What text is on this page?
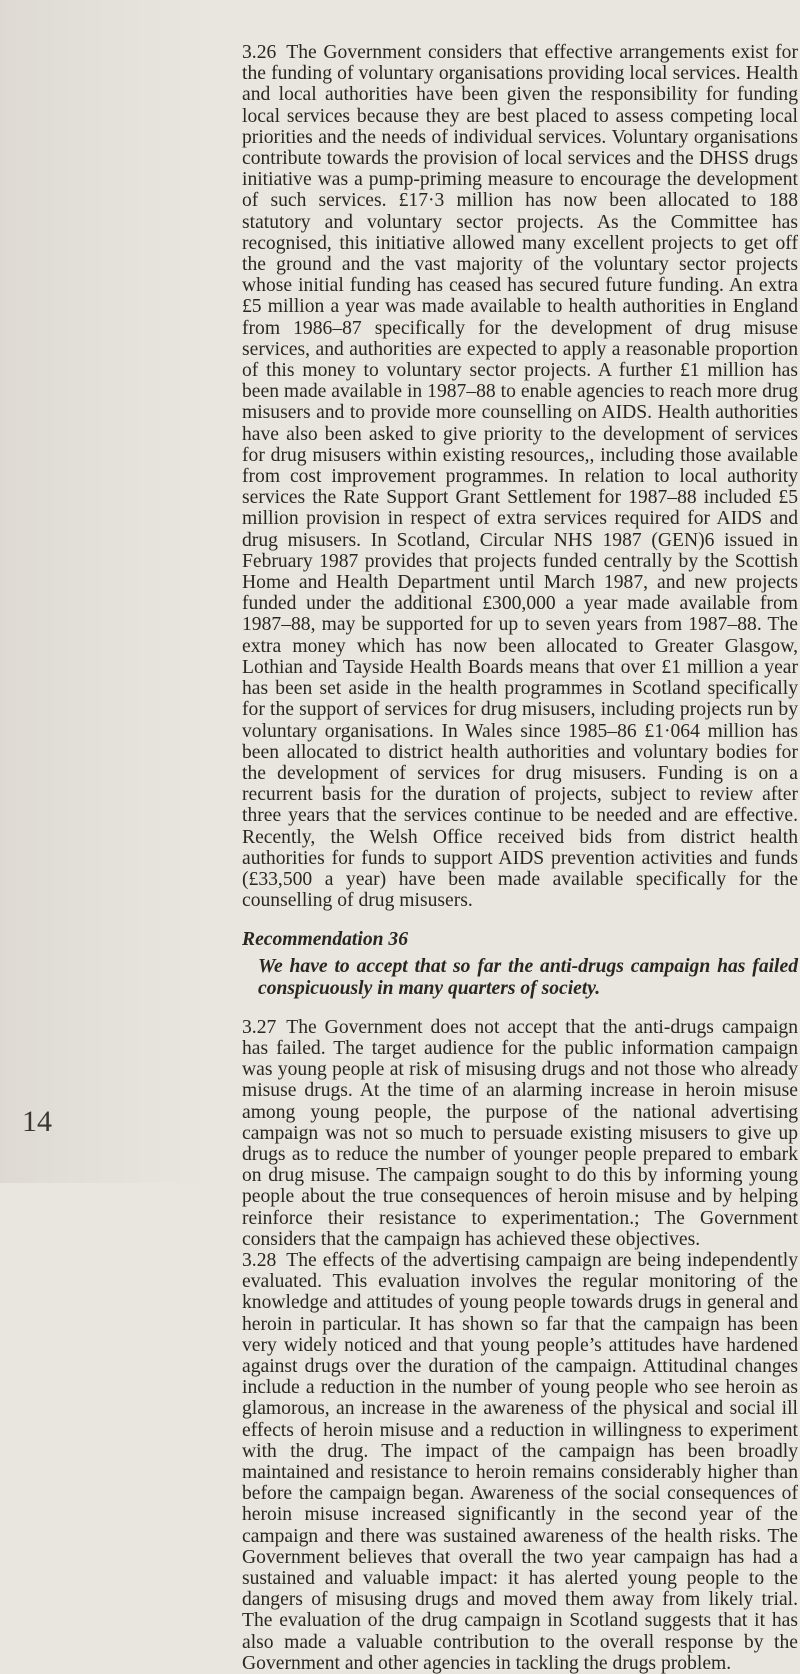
14

3.26 The Government considers that effective arrangements exist for the funding of voluntary organisations providing local services. Health and local authorities have been given the responsibility for funding local services because they are best placed to assess competing local priorities and the needs of individual services. Voluntary organisations contribute towards the provision of local services and the DHSS drugs initiative was a pump-priming measure to encourage the development of such services. £17·3 million has now been allocated to 188 statutory and voluntary sector projects. As the Committee has recognised, this initiative allowed many excellent projects to get off the ground and the vast majority of the voluntary sector projects whose initial funding has ceased has secured future funding. An extra £5 million a year was made available to health authorities in England from 1986–87 specifically for the development of drug misuse services, and authorities are expected to apply a reasonable proportion of this money to voluntary sector projects. A further £1 million has been made available in 1987–88 to enable agencies to reach more drug misusers and to provide more counselling on AIDS. Health authorities have also been asked to give priority to the development of services for drug misusers within existing resources,, including those available from cost improvement programmes. In relation to local authority services the Rate Support Grant Settlement for 1987–88 included £5 million provision in respect of extra services required for AIDS and drug misusers. In Scotland, Circular NHS 1987 (GEN)6 issued in February 1987 provides that projects funded centrally by the Scottish Home and Health Department until March 1987, and new projects funded under the additional £300,000 a year made available from 1987–88, may be supported for up to seven years from 1987–88. The extra money which has now been allocated to Greater Glasgow, Lothian and Tayside Health Boards means that over £1 million a year has been set aside in the health programmes in Scotland specifically for the support of services for drug misusers, including projects run by voluntary organisations. In Wales since 1985–86 £1·064 million has been allocated to district health authorities and voluntary bodies for the development of services for drug misusers. Funding is on a recurrent basis for the duration of projects, subject to review after three years that the services continue to be needed and are effective. Recently, the Welsh Office received bids from district health authorities for funds to support AIDS prevention activities and funds (£33,500 a year) have been made available specifically for the counselling of drug misusers.

Recommendation 36
We have to accept that so far the anti-drugs campaign has failed conspicuously in many quarters of society.

3.27 The Government does not accept that the anti-drugs campaign has failed. The target audience for the public information campaign was young people at risk of misusing drugs and not those who already misuse drugs. At the time of an alarming increase in heroin misuse among young people, the purpose of the national advertising campaign was not so much to persuade existing misusers to give up drugs as to reduce the number of younger people prepared to embark on drug misuse. The campaign sought to do this by informing young people about the true consequences of heroin misuse and by helping reinforce their resistance to experimentation.; The Government considers that the campaign has achieved these objectives.

3.28 The effects of the advertising campaign are being independently evaluated. This evaluation involves the regular monitoring of the knowledge and attitudes of young people towards drugs in general and heroin in particular. It has shown so far that the campaign has been very widely noticed and that young people’s attitudes have hardened against drugs over the duration of the campaign. Attitudinal changes include a reduction in the number of young people who see heroin as glamorous, an increase in the awareness of the physical and social ill effects of heroin misuse and a reduction in willingness to experiment with the drug. The impact of the campaign has been broadly maintained and resistance to heroin remains considerably higher than before the campaign began. Awareness of the social consequences of heroin misuse increased significantly in the second year of the campaign and there was sustained awareness of the health risks. The Government believes that overall the two year campaign has had a sustained and valuable impact: it has alerted young people to the dangers of misusing drugs and moved them away from likely trial. The evaluation of the drug campaign in Scotland suggests that it has also made a valuable contribution to the overall response by the Government and other agencies in tackling the drugs problem.
